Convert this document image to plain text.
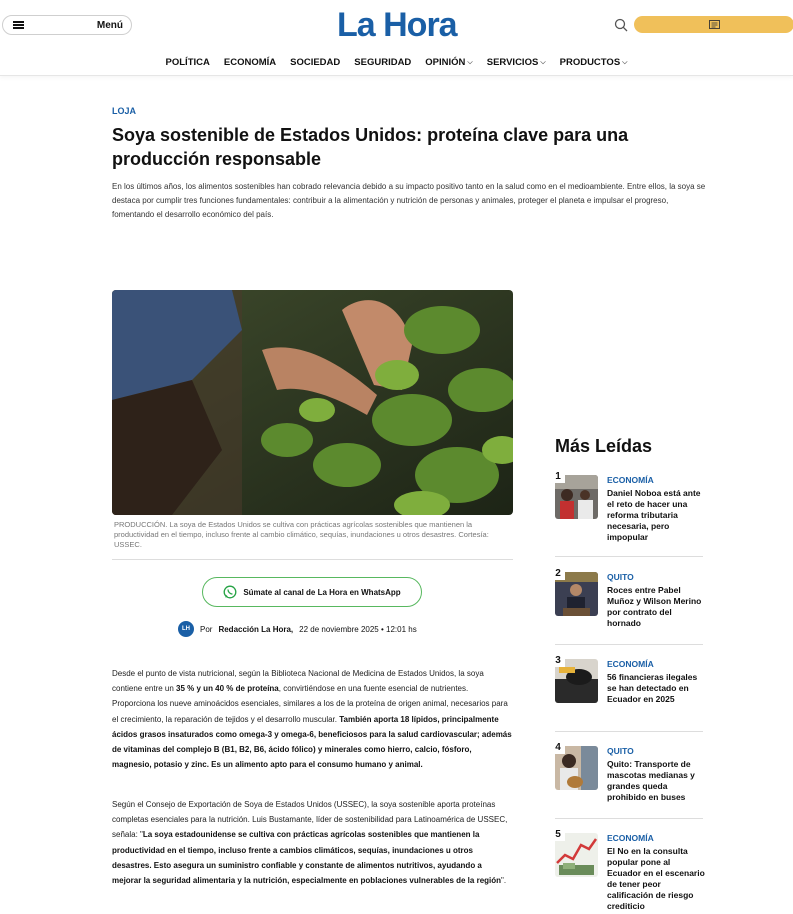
Menú	La Hora
POLÍTICA ECONOMÍA SOCIEDAD SEGURIDAD OPINIÓN ⌵ SERVICIOS ⌵ PRODUCTOS ⌵
LOJA
Soya sostenible de Estados Unidos: proteína clave para una producción responsable

En los últimos años, los alimentos sostenibles han cobrado relevancia debido a su impacto positivo tanto en la salud como en el medioambiente. Entre ellos, la soya se destaca por cumplir tres funciones fundamentales: contribuir a la alimentación y nutrición de personas y animales, proteger el planeta e impulsar el progreso, fomentando el desarrollo económico del país.

PRODUCCIÓN. La soya de Estados Unidos se cultiva con prácticas agrícolas sostenibles que mantienen la productividad en el tiempo, incluso frente al cambio climático, sequías, inundaciones u otros desastres. Cortesía: USSEC.

Súmate al canal de La Hora en WhatsApp
LH	Por Redacción La Hora, 22 de noviembre 2025 • 12:01 hs

Desde el punto de vista nutricional, según la Biblioteca Nacional de Medicina de Estados Unidos, la soya contiene entre un 35 % y un 40 % de proteína, convirtiéndose en una fuente esencial de nutrientes. Proporciona los nueve aminoácidos esenciales, similares a los de la proteína de origen animal, necesarios para el crecimiento, la reparación de tejidos y el desarrollo muscular. También aporta 18 lípidos, principalmente ácidos grasos insaturados como omega-3 y omega-6, beneficiosos para la salud cardiovascular; además de vitaminas del complejo B (B1, B2, B6, ácido fólico) y minerales como hierro, calcio, fósforo, magnesio, potasio y zinc. Es un alimento apto para el consumo humano y animal.

Según el Consejo de Exportación de Soya de Estados Unidos (USSEC), la soya sostenible aporta proteínas completas esenciales para la nutrición. Luis Bustamante, líder de sostenibilidad para Latinoamérica de USSEC, señala: "La soya estadounidense se cultiva con prácticas agrícolas sostenibles que mantienen la productividad en el tiempo, incluso frente a cambios climáticos, sequías, inundaciones u otros desastres. Esto asegura un suministro confiable y constante de alimentos nutritivos, ayudando a mejorar la seguridad alimentaria y la nutrición, especialmente en poblaciones vulnerables de la región".

Más Leídas
1	ECONOMÍA
Daniel Noboa está ante el reto de hacer una reforma tributaria necesaria, pero impopular
2	QUITO
Roces entre Pabel Muñoz y Wilson Merino por contrato del hornado
3	ECONOMÍA
56 financieras ilegales se han detectado en Ecuador en 2025
4	QUITO
Quito: Transporte de mascotas medianas y grandes queda prohibido en buses
5	ECONOMÍA
El No en la consulta popular pone al Ecuador en el escenario de tener peor calificación de riesgo crediticio
